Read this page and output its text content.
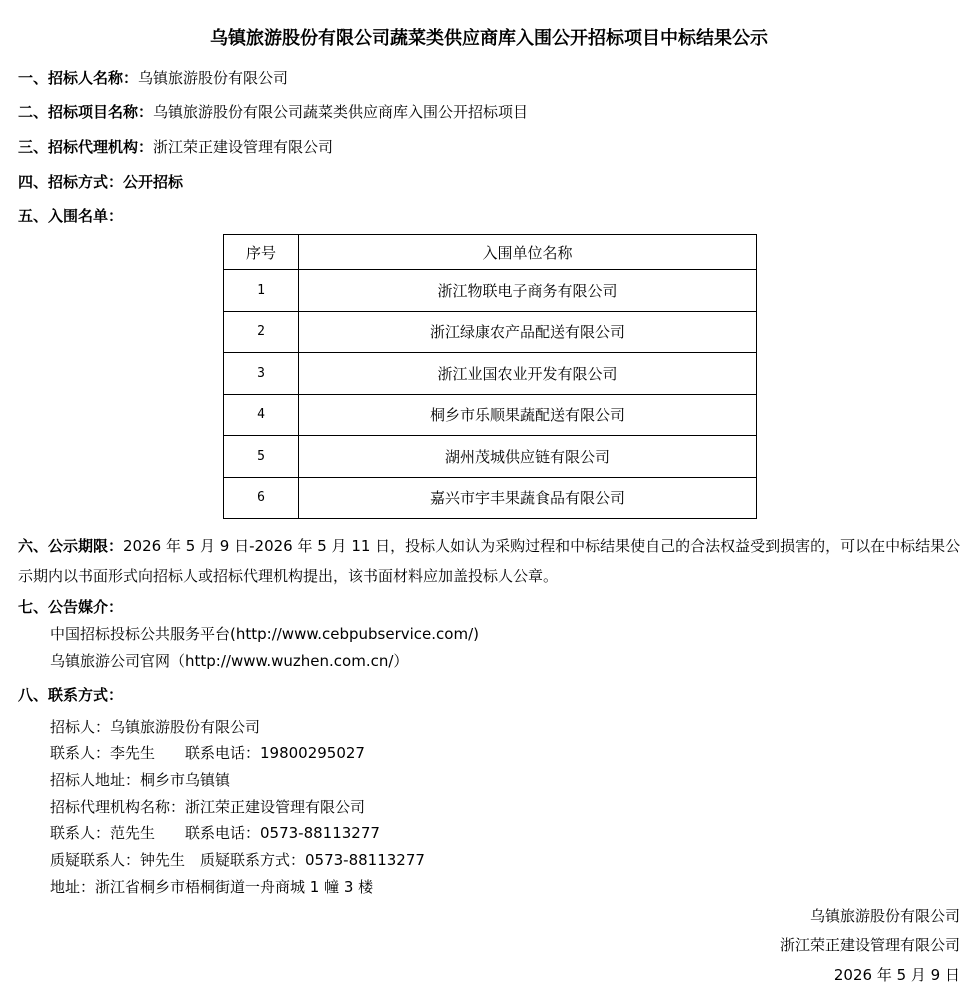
乌镇旅游股份有限公司蔬菜类供应商库入围公开招标项目中标结果公示
一、招标人名称：乌镇旅游股份有限公司
二、招标项目名称：乌镇旅游股份有限公司蔬菜类供应商库入围公开招标项目
三、招标代理机构：浙江荣正建设管理有限公司
四、招标方式：公开招标
五、入围名单：
序号	入围单位名称
1	浙江物联电子商务有限公司
2	浙江绿康农产品配送有限公司
3	浙江业国农业开发有限公司
4	桐乡市乐顺果蔬配送有限公司
5	湖州茂城供应链有限公司
6	嘉兴市宇丰果蔬食品有限公司
六、公示期限：2026 年 5 月 9 日-2026 年 5 月 11 日，投标人如认为采购过程和中标结果使自己的合法权益受到损害的，可以在中标结果公示期内以书面形式向招标人或招标代理机构提出，该书面材料应加盖投标人公章。
七、公告媒介：
中国招标投标公共服务平台(http://www.cebpubservice.com/)
乌镇旅游公司官网（http://www.wuzhen.com.cn/）
八、联系方式：
招标人：乌镇旅游股份有限公司
联系人：李先生　　联系电话：19800295027
招标人地址：桐乡市乌镇镇
招标代理机构名称：浙江荣正建设管理有限公司
联系人：范先生　　联系电话：0573-88113277
质疑联系人：钟先生　质疑联系方式：0573-88113277
地址：浙江省桐乡市梧桐街道一舟商城 1 幢 3 楼
乌镇旅游股份有限公司
浙江荣正建设管理有限公司
2026 年 5 月 9 日
